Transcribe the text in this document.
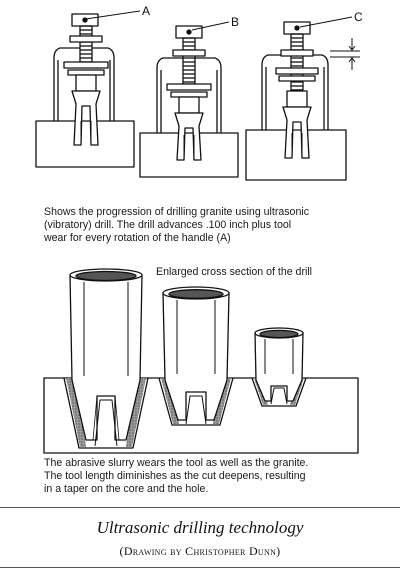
A
B	C

Shows the progression of drilling granite using ultrasonic
(vibratory) drill. The drill advances .100 inch plus tool
wear for every rotation of the handle (A)

Enlarged cross section of the drill

The abrasive slurry wears the tool as well as the granite.
The tool length diminishes as the cut deepens, resulting
in a taper on the core and the hole.

Ultrasonic drilling technology
(Drawing by Christopher Dunn)
